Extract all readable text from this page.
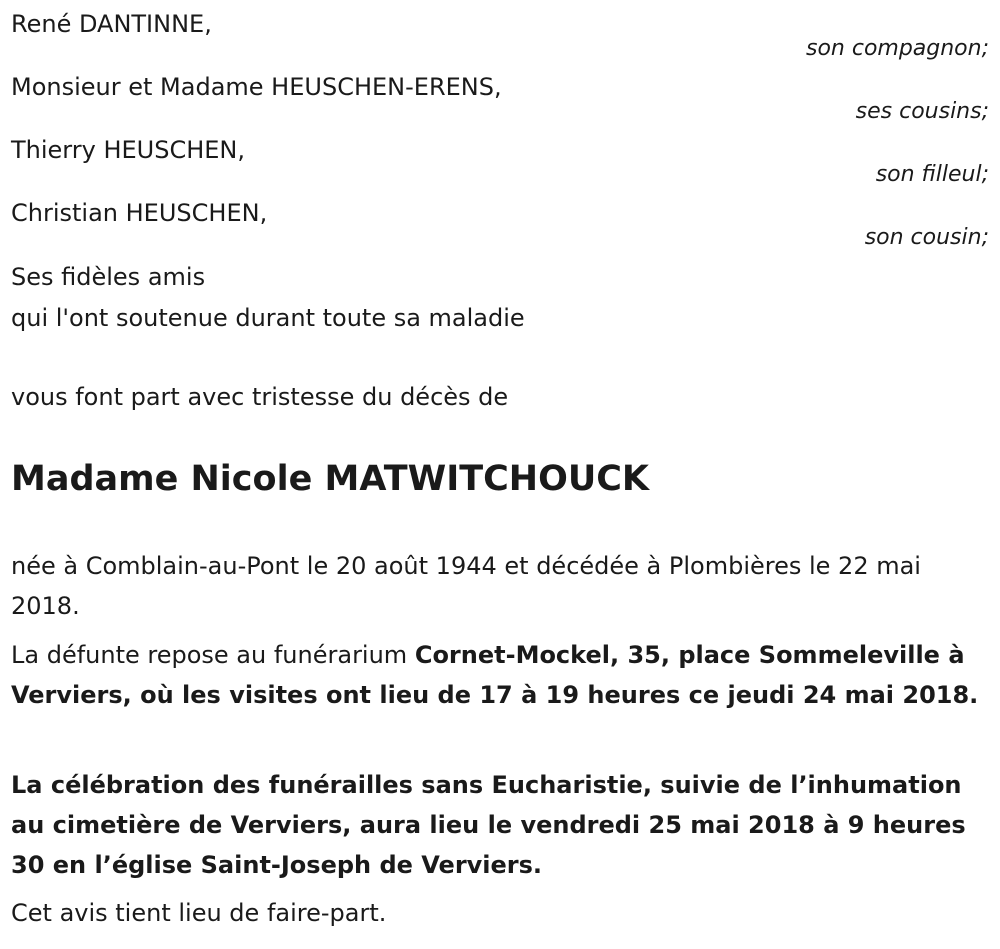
René DANTINNE,
son compagnon;
Monsieur et Madame HEUSCHEN-ERENS,
ses cousins;
Thierry HEUSCHEN,
son filleul;
Christian HEUSCHEN,
son cousin;
Ses fidèles amis
qui l'ont soutenue durant toute sa maladie
vous font part avec tristesse du décès de
Madame Nicole MATWITCHOUCK
née à Comblain-au-Pont le 20 août 1944 et décédée à Plombières le 22 mai 2018.
La défunte repose au funérarium Cornet-Mockel, 35, place Sommeleville à Verviers, où les visites ont lieu de 17 à 19 heures ce jeudi 24 mai 2018.
La célébration des funérailles sans Eucharistie, suivie de l’inhumation au cimetière de Verviers, aura lieu le vendredi 25 mai 2018 à 9 heures 30 en l’église Saint-Joseph de Verviers.
Cet avis tient lieu de faire-part.
